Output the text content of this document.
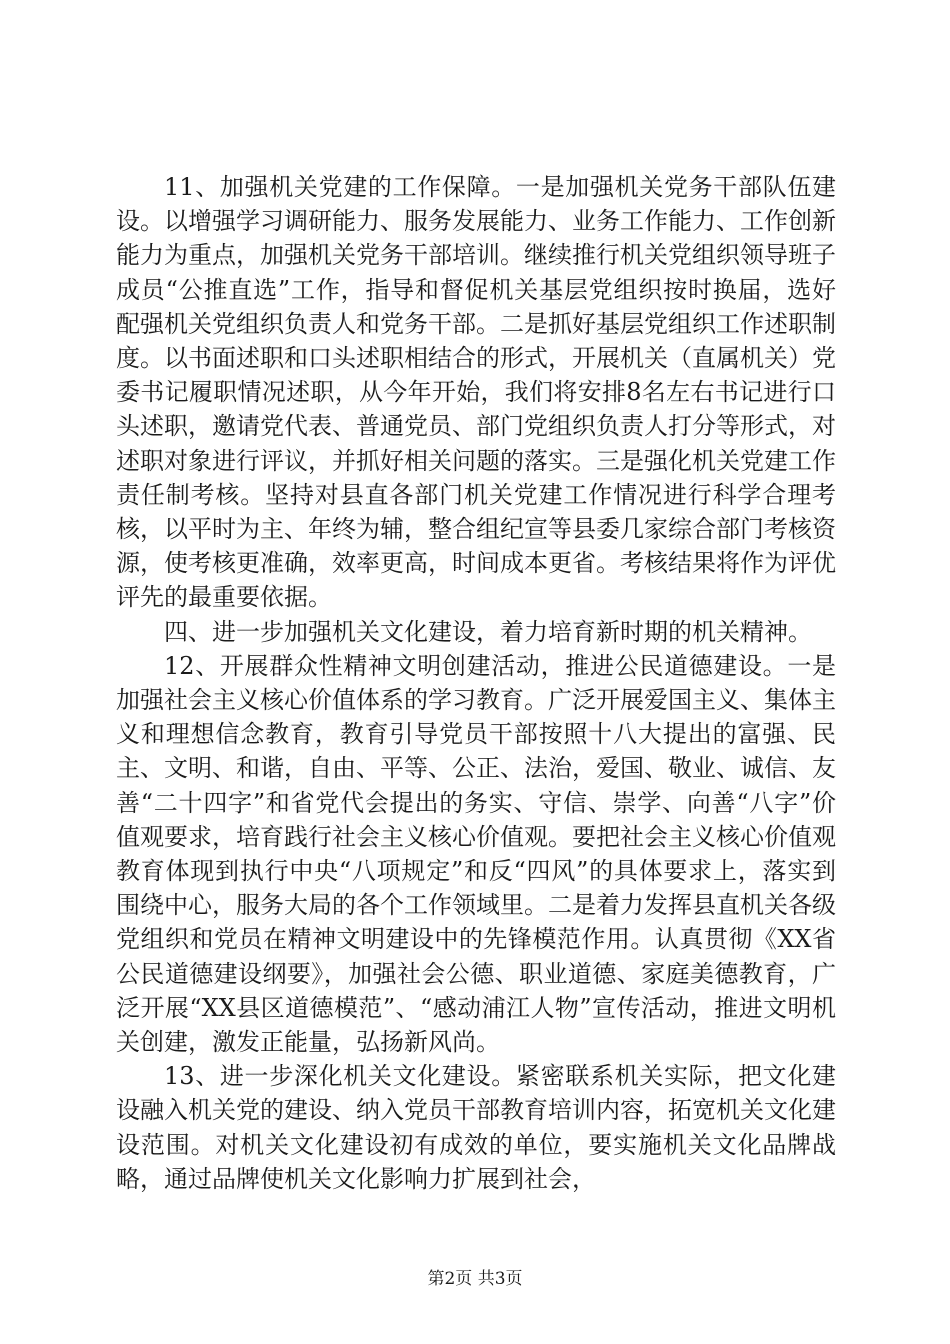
11、加强机关党建的工作保障。一是加强机关党务干部队伍建设。以增强学习调研能力、服务发展能力、业务工作能力、工作创新能力为重点，加强机关党务干部培训。继续推行机关党组织领导班子成员“公推直选”工作，指导和督促机关基层党组织按时换届，选好配强机关党组织负责人和党务干部。二是抓好基层党组织工作述职制度。以书面述职和口头述职相结合的形式，开展机关（直属机关）党委书记履职情况述职，从今年开始，我们将安排8名左右书记进行口头述职，邀请党代表、普通党员、部门党组织负责人打分等形式，对述职对象进行评议，并抓好相关问题的落实。三是强化机关党建工作责任制考核。坚持对县直各部门机关党建工作情况进行科学合理考核，以平时为主、年终为辅，整合组纪宣等县委几家综合部门考核资源，使考核更准确，效率更高，时间成本更省。考核结果将作为评优评先的最重要依据。

四、进一步加强机关文化建设，着力培育新时期的机关精神。

12、开展群众性精神文明创建活动，推进公民道德建设。一是加强社会主义核心价值体系的学习教育。广泛开展爱国主义、集体主义和理想信念教育，教育引导党员干部按照十八大提出的富强、民主、文明、和谐，自由、平等、公正、法治，爱国、敬业、诚信、友善“二十四字”和省党代会提出的务实、守信、崇学、向善“八字”价值观要求，培育践行社会主义核心价值观。要把社会主义核心价值观教育体现到执行中央“八项规定”和反“四风”的具体要求上，落实到围绕中心，服务大局的各个工作领域里。二是着力发挥县直机关各级党组织和党员在精神文明建设中的先锋模范作用。认真贯彻《XX省公民道德建设纲要》，加强社会公德、职业道德、家庭美德教育，广泛开展“XX县区道德模范”、“感动浦江人物”宣传活动，推进文明机关创建，激发正能量，弘扬新风尚。

13、进一步深化机关文化建设。紧密联系机关实际，把文化建设融入机关党的建设、纳入党员干部教育培训内容，拓宽机关文化建设范围。对机关文化建设初有成效的单位，要实施机关文化品牌战略，通过品牌使机关文化影响力扩展到社会，

第2页 共3页
